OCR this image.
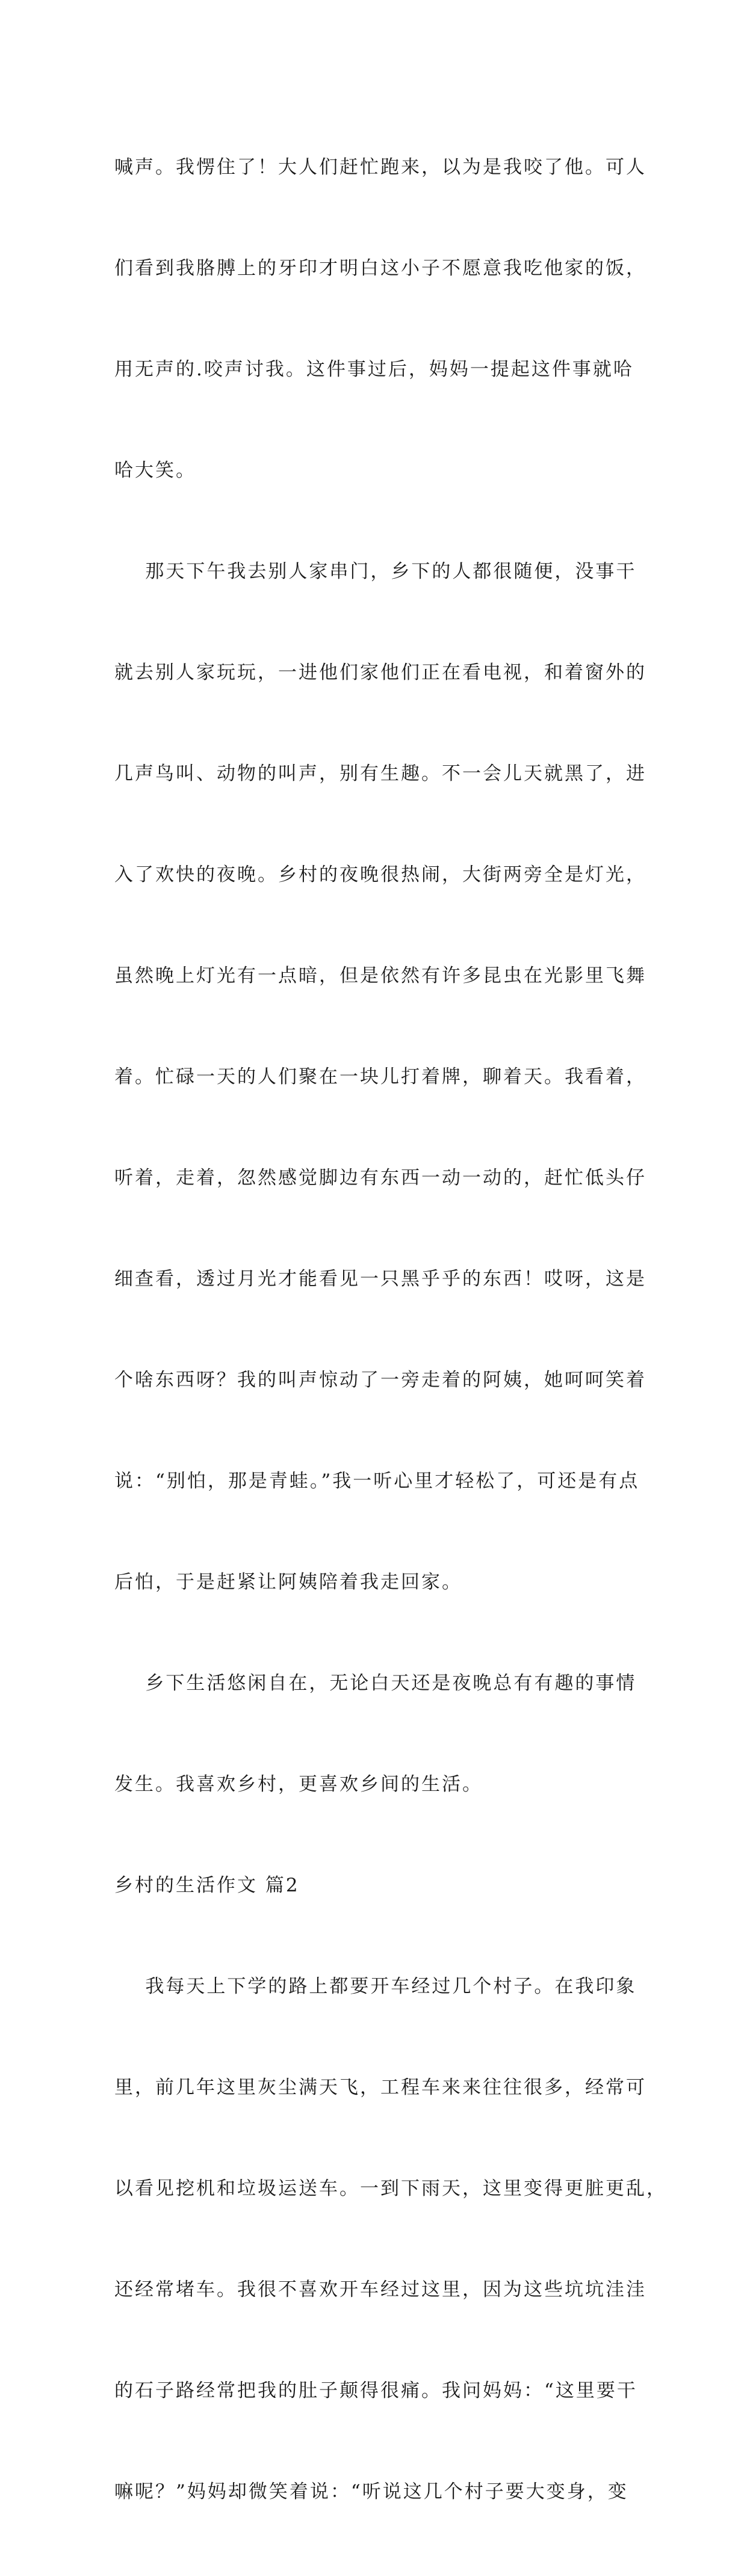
喊声。我愣住了！大人们赶忙跑来，以为是我咬了他。可人

们看到我胳膊上的牙印才明白这小子不愿意我吃他家的饭，

用无声的.咬声讨我。这件事过后，妈妈一提起这件事就哈

哈大笑。

那天下午我去别人家串门，乡下的人都很随便，没事干

就去别人家玩玩，一进他们家他们正在看电视，和着窗外的

几声鸟叫、动物的叫声，别有生趣。不一会儿天就黑了，进

入了欢快的夜晚。乡村的夜晚很热闹，大街两旁全是灯光，

虽然晚上灯光有一点暗，但是依然有许多昆虫在光影里飞舞

着。忙碌一天的人们聚在一块儿打着牌，聊着天。我看着，

听着，走着，忽然感觉脚边有东西一动一动的，赶忙低头仔

细查看，透过月光才能看见一只黑乎乎的东西！哎呀，这是

个啥东西呀？我的叫声惊动了一旁走着的阿姨，她呵呵笑着

说：“别怕，那是青蛙。”我一听心里才轻松了，可还是有点

后怕，于是赶紧让阿姨陪着我走回家。

乡下生活悠闲自在，无论白天还是夜晚总有有趣的事情

发生。我喜欢乡村，更喜欢乡间的生活。

乡村的生活作文 篇2

我每天上下学的路上都要开车经过几个村子。在我印象

里，前几年这里灰尘满天飞，工程车来来往往很多，经常可

以看见挖机和垃圾运送车。一到下雨天，这里变得更脏更乱，

还经常堵车。我很不喜欢开车经过这里，因为这些坑坑洼洼

的石子路经常把我的肚子颠得很痛。我问妈妈：“这里要干

嘛呢？”妈妈却微笑着说：“听说这几个村子要大变身，变
